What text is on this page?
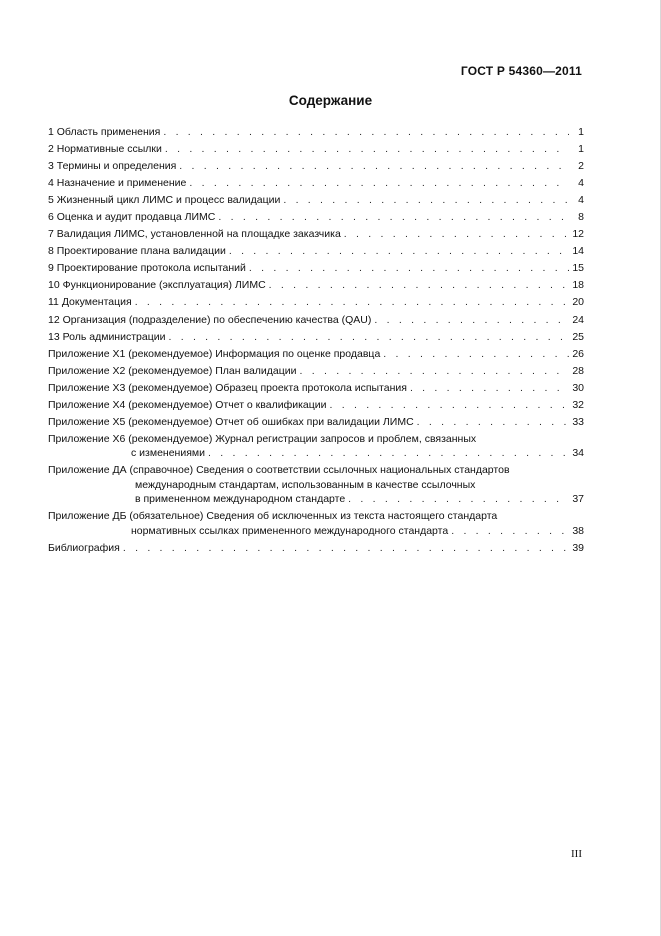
ГОСТ Р 54360—2011
Содержание
1 Область применения . . .	1
2 Нормативные ссылки . . .	1
3 Термины и определения . . .	2
4 Назначение и применение . . .	4
5 Жизненный цикл ЛИМС и процесс валидации . . .	4
6 Оценка и аудит продавца ЛИМС . . .	8
7 Валидация ЛИМС, установленной на площадке заказчика . . .	12
8 Проектирование плана валидации . . .	14
9 Проектирование протокола испытаний . . .	15
10 Функционирование (эксплуатация) ЛИМС . . .	18
11 Документация . . .	20
12 Организация (подразделение) по обеспечению качества (QAU) . . .	24
13 Роль администрации . . .	25
Приложение Х1 (рекомендуемое) Информация по оценке продавца . . .	26
Приложение Х2 (рекомендуемое) План валидации . . .	28
Приложение Х3 (рекомендуемое) Образец проекта протокола испытания . . .	30
Приложение Х4 (рекомендуемое) Отчет о квалификации . . .	32
Приложение Х5 (рекомендуемое) Отчет об ошибках при валидации ЛИМС . . .	33
Приложение Х6 (рекомендуемое) Журнал регистрации запросов и проблем, связанных
с изменениями . . .	34
Приложение ДА (справочное) Сведения о соответствии ссылочных национальных стандартов
международным стандартам, использованным в качестве ссылочных
в примененном международном стандарте . . .	37
Приложение ДБ (обязательное) Сведения об исключенных из текста настоящего стандарта
нормативных ссылках примененного международного стандарта . . .	38
Библиография . . .	39
III
